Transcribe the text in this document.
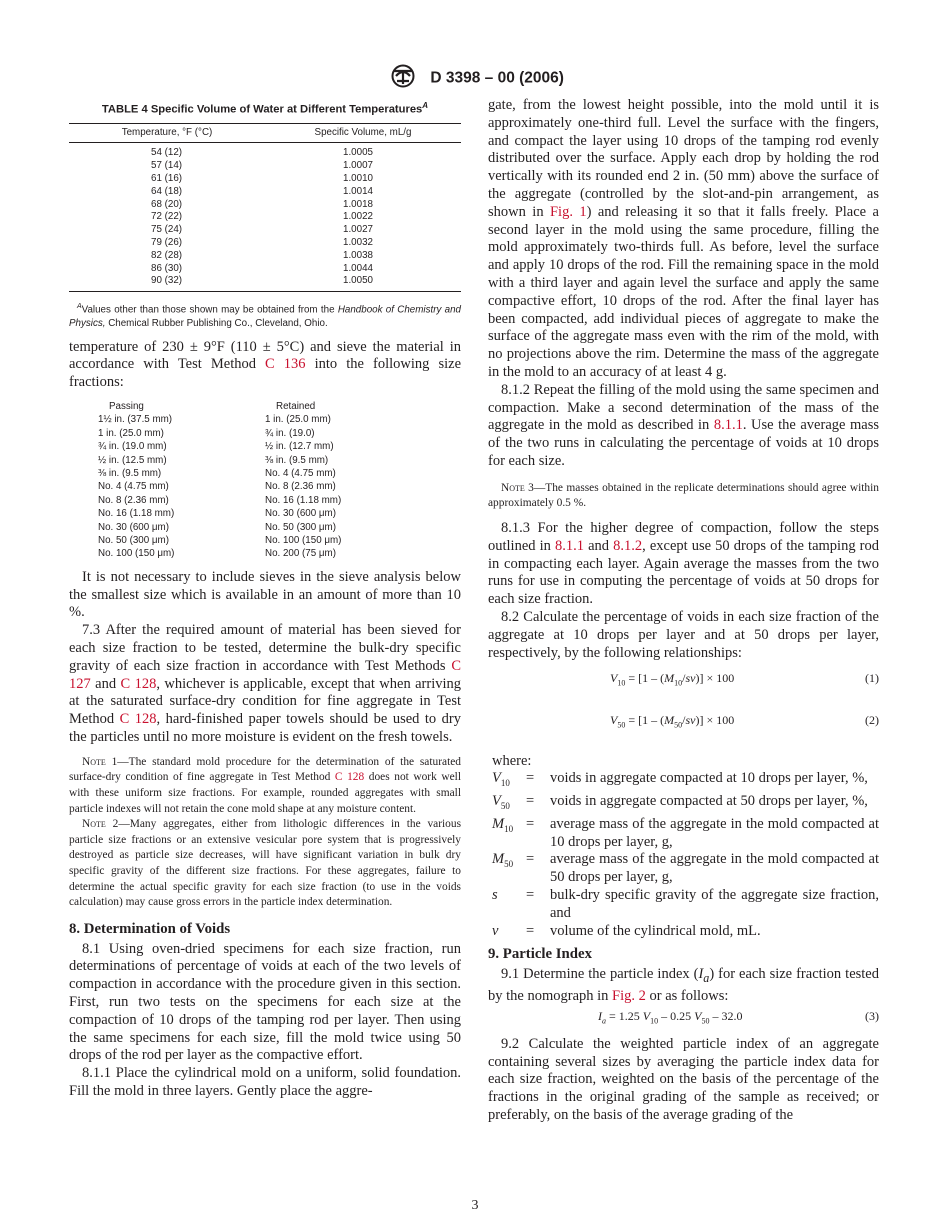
D 3398 – 00 (2006)
TABLE 4 Specific Volume of Water at Different Temperatures$^A$
Temperature, °F (°C)	Specific Volume, mL/g
54 (12)	1.0005
57 (14)	1.0007
61 (16)	1.0010
64 (18)	1.0014
68 (20)	1.0018
72 (22)	1.0022
75 (24)	1.0027
79 (26)	1.0032
82 (28)	1.0038
86 (30)	1.0044
90 (32)	1.0050
$^A$Values other than those shown may be obtained from the Handbook of Chemistry and Physics, Chemical Rubber Publishing Co., Cleveland, Ohio.

temperature of 230 ± 9°F (110 ± 5°C) and sieve the material in accordance with Test Method C 136 into the following size fractions:

Passing	Retained
1½ in. (37.5 mm)	1 in. (25.0 mm)
1 in. (25.0 mm)	¾ in. (19.0)
¾ in. (19.0 mm)	½ in. (12.7 mm)
½ in. (12.5 mm)	⅜ in. (9.5 mm)
⅜ in. (9.5 mm)	No. 4 (4.75 mm)
No. 4 (4.75 mm)	No. 8 (2.36 mm)
No. 8 (2.36 mm)	No. 16 (1.18 mm)
No. 16 (1.18 mm)	No. 30 (600 μm)
No. 30 (600 μm)	No. 50 (300 μm)
No. 50 (300 μm)	No. 100 (150 μm)
No. 100 (150 μm)	No. 200 (75 μm)

It is not necessary to include sieves in the sieve analysis below the smallest size which is available in an amount of more than 10 %.

7.3 After the required amount of material has been sieved for each size fraction to be tested, determine the bulk-dry specific gravity of each size fraction in accordance with Test Methods C 127 and C 128, whichever is applicable, except that when arriving at the saturated surface-dry condition for fine aggregate in Test Method C 128, hard-finished paper towels should be used to dry the particles until no more moisture is evident on the fresh towels.

Note 1—The standard mold procedure for the determination of the saturated surface-dry condition of fine aggregate in Test Method C 128 does not work well with these uniform size fractions. For example, rounded aggregates with small particle indexes will not retain the cone mold shape at any moisture content.

Note 2—Many aggregates, either from lithologic differences in the various particle size fractions or an extensive vesicular pore system that is progressively destroyed as particle size decreases, will have significant variation in bulk dry specific gravity of the different size fractions. For these aggregates, failure to determine the actual specific gravity for each size fraction (to use in the voids calculation) may cause gross errors in the particle index determination.

8. Determination of Voids

8.1 Using oven-dried specimens for each size fraction, run determinations of percentage of voids at each of the two levels of compaction in accordance with the procedure given in this section. First, run two tests on the specimens for each size at the compaction of 10 drops of the tamping rod per layer. Then using the same specimens for each size, fill the mold twice using 50 drops of the rod per layer as the compactive effort.

8.1.1 Place the cylindrical mold on a uniform, solid foundation. Fill the mold in three layers. Gently place the aggre-

gate, from the lowest height possible, into the mold until it is approximately one-third full. Level the surface with the fingers, and compact the layer using 10 drops of the tamping rod evenly distributed over the surface. Apply each drop by holding the rod vertically with its rounded end 2 in. (50 mm) above the surface of the aggregate (controlled by the slot-and-pin arrangement, as shown in Fig. 1) and releasing it so that it falls freely. Place a second layer in the mold using the same procedure, filling the mold approximately two-thirds full. As before, level the surface and apply 10 drops of the rod. Fill the remaining space in the mold with a third layer and again level the surface and apply the same compactive effort, 10 drops of the rod. After the final layer has been compacted, add individual pieces of aggregate to make the surface of the aggregate mass even with the rim of the mold, with no projections above the rim. Determine the mass of the aggregate in the mold to an accuracy of at least 4 g.

8.1.2 Repeat the filling of the mold using the same specimen and compaction. Make a second determination of the mass of the aggregate in the mold as described in 8.1.1. Use the average mass of the two runs in calculating the percentage of voids at 10 drops for each size.

Note 3—The masses obtained in the replicate determinations should agree within approximately 0.5 %.

8.1.3 For the higher degree of compaction, follow the steps outlined in 8.1.1 and 8.1.2, except use 50 drops of the tamping rod in compacting each layer. Again average the masses from the two runs for use in computing the percentage of voids at 50 drops for each size fraction.

8.2 Calculate the percentage of voids in each size fraction of the aggregate at 10 drops per layer and at 50 drops per layer, respectively, by the following relationships:

$V_{10} = [1 - (M_{10}/sv)] \times 100$	(1)
$V_{50} = [1 - (M_{50}/sv)] \times 100$	(2)
where:
$V_{10}$	=	voids in aggregate compacted at 10 drops per layer, %,
$V_{50}$	=	voids in aggregate compacted at 50 drops per layer, %,
$M_{10}$ =	average mass of the aggregate in the mold compacted at 10 drops per layer, g,
$M_{50}$ =	average mass of the aggregate in the mold compacted at 50 drops per layer, g,
s	=	bulk-dry specific gravity of the aggregate size fraction, and
v	=	volume of the cylindrical mold, mL.
9. Particle Index

9.1 Determine the particle index $(I_a)$ for each size fraction tested by the nomograph in Fig. 2 or as follows:

$I_a = 1.25$ $V_{10} - 0.25$ $V_{50} - 32.0$	(3)

9.2 Calculate the weighted particle index of an aggregate containing several sizes by averaging the particle index data for each size fraction, weighted on the basis of the percentage of the fractions in the original grading of the sample as received; or preferably, on the basis of the average grading of the

3
